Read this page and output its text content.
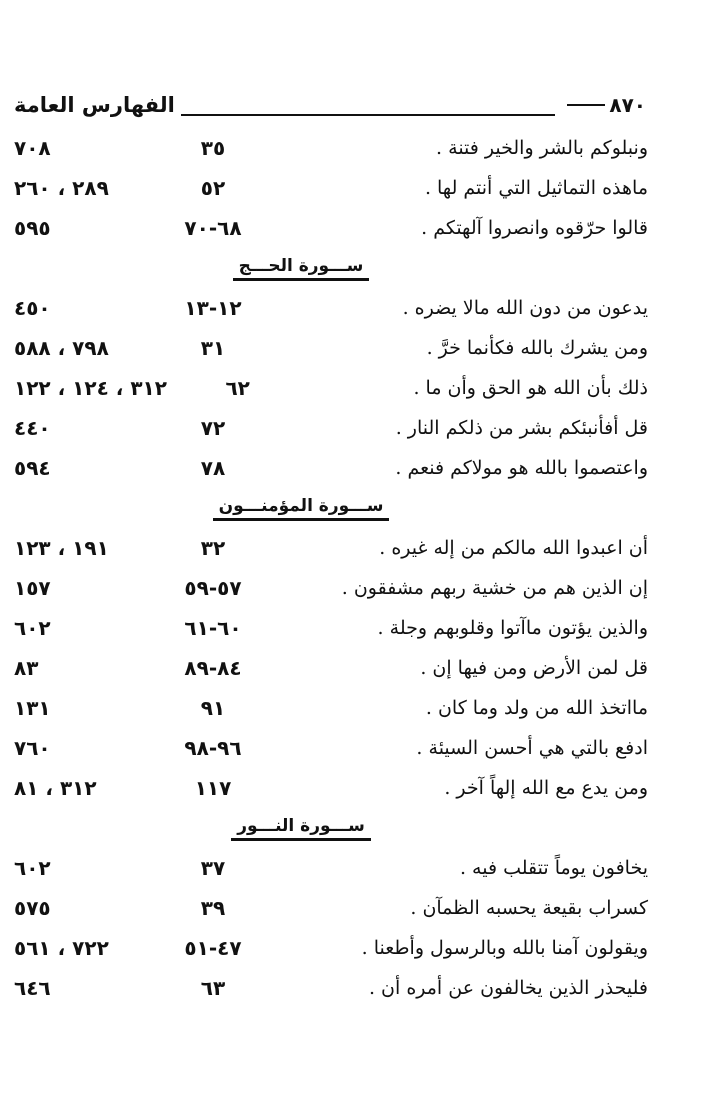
٨٧٠
الفهارس العامة
ونبلوكم بالشر والخير فتنة .
٣٥
٧٠٨
ماهذه التماثيل التي أنتم لها .
٥٢
٢٨٩ ، ٢٦٠
قالوا حرّقوه وانصروا آلهتكم .
٦٨-٧٠
٥٩٥
ســـورة الحـــج
يدعون من دون الله مالا يضره .
١٢-١٣
٤٥٠
ومن يشرك بالله فكأنما خرَّ .
٣١
٧٩٨ ، ٥٨٨
ذلك بأن الله هو الحق وأن ما .
٦٢
٣١٢ ، ١٢٤ ، ١٢٢
قل أفأنبئكم بشر من ذلكم النار .
٧٢
٤٤٠
واعتصموا بالله هو مولاكم فنعم .
٧٨
٥٩٤
ســـورة المؤمنـــون
أن اعبدوا الله مالكم من إله غيره .
٣٢
١٩١ ، ١٢٣
إن الذين هم من خشية ربهم مشفقون .
٥٧-٥٩
١٥٧
والذين يؤتون ماآتوا وقلوبهم وجلة .
٦٠-٦١
٦٠٢
قل لمن الأرض ومن فيها إن .
٨٤-٨٩
٨٣
مااتخذ الله من ولد وما كان .
٩١
١٣١
ادفع بالتي هي أحسن السيئة .
٩٦-٩٨
٧٦٠
ومن يدع مع الله إلهاً آخر .
١١٧
٣١٢ ، ٨١
ســـورة النـــور
يخافون يوماً تتقلب فيه .
٣٧
٦٠٢
كسراب بقيعة يحسبه الظمآن .
٣٩
٥٧٥
ويقولون آمنا بالله وبالرسول وأطعنا .
٤٧-٥١
٧٢٢ ، ٥٦١
فليحذر الذين يخالفون عن أمره أن .
٦٣
٦٤٦
